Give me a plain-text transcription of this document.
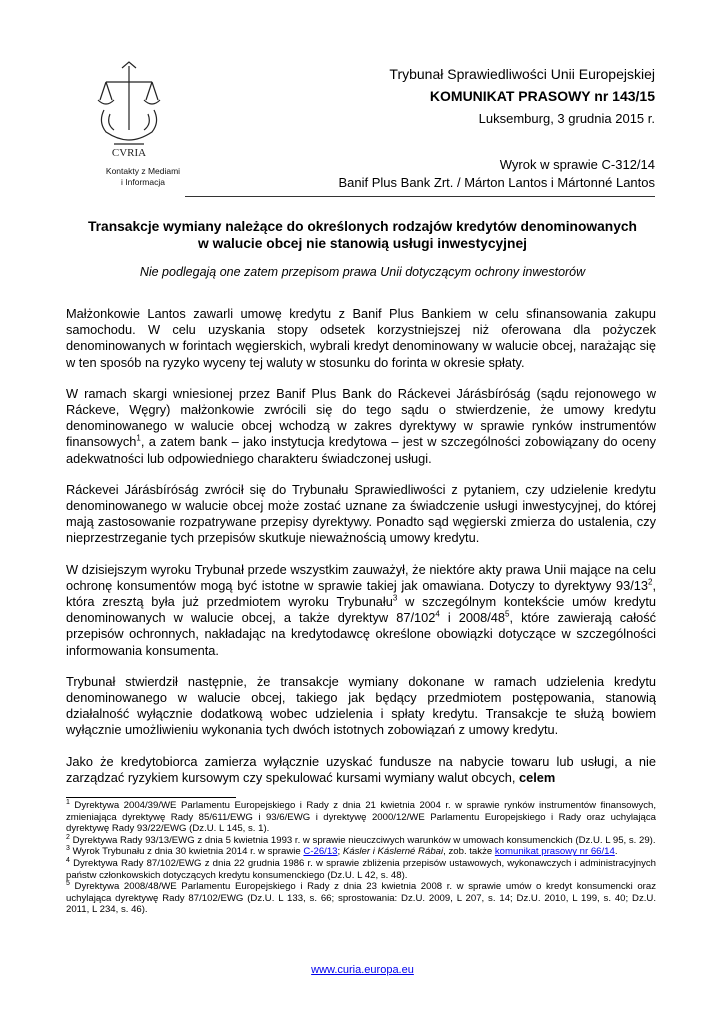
CVRIA
Kontakty z Mediami
i Informacja
Trybunał Sprawiedliwości Unii Europejskiej
KOMUNIKAT PRASOWY nr 143/15
Luksemburg, 3 grudnia 2015 r.
Wyrok w sprawie C-312/14
Banif Plus Bank Zrt. / Márton Lantos i Mártonné Lantos
Transakcje wymiany należące do określonych rodzajów kredytów denominowanych
w walucie obcej nie stanowią usługi inwestycyjnej
Nie podlegają one zatem przepisom prawa Unii dotyczącym ochrony inwestorów

Małżonkowie Lantos zawarli umowę kredytu z Banif Plus Bankiem w celu sfinansowania zakupu samochodu. W celu uzyskania stopy odsetek korzystniejszej niż oferowana dla pożyczek denominowanych w forintach węgierskich, wybrali kredyt denominowany w walucie obcej, narażając się w ten sposób na ryzyko wyceny tej waluty w stosunku do forinta w okresie spłaty.

W ramach skargi wniesionej przez Banif Plus Bank do Ráckevei Járásbíróság (sądu rejonowego w Ráckeve, Węgry) małżonkowie zwrócili się do tego sądu o stwierdzenie, że umowy kredytu denominowanego w walucie obcej wchodzą w zakres dyrektywy w sprawie rynków instrumentów finansowych$^1$, a zatem bank – jako instytucja kredytowa – jest w szczególności zobowiązany do oceny adekwatności lub odpowiedniego charakteru świadczonej usługi.

Ráckevei Járásbíróság zwrócił się do Trybunału Sprawiedliwości z pytaniem, czy udzielenie kredytu denominowanego w walucie obcej może zostać uznane za świadczenie usługi inwestycyjnej, do której mają zastosowanie rozpatrywane przepisy dyrektywy. Ponadto sąd węgierski zmierza do ustalenia, czy nieprzestrzeganie tych przepisów skutkuje nieważnością umowy kredytu.

W dzisiejszym wyroku Trybunał przede wszystkim zauważył, że niektóre akty prawa Unii mające na celu ochronę konsumentów mogą być istotne w sprawie takiej jak omawiana. Dotyczy to dyrektywy $93/13^2$, która zresztą była już przedmiotem wyroku Trybunału$^3$ w szczególnym kontekście umów kredytu denominowanych w walucie obcej, a także dyrektyw $87/102^4$ i $2008/48^5$, które zawierają całość przepisów ochronnych, nakładając na kredytodawcę określone obowiązki dotyczące w szczególności informowania konsumenta.

Trybunał stwierdził następnie, że transakcje wymiany dokonane w ramach udzielenia kredytu denominowanego w walucie obcej, takiego jak będący przedmiotem postępowania, stanowią działalność wyłącznie dodatkową wobec udzielenia i spłaty kredytu. Transakcje te służą bowiem wyłącznie umożliwieniu wykonania tych dwóch istotnych zobowiązań z umowy kredytu.

Jako że kredytobiorca zamierza wyłącznie uzyskać fundusze na nabycie towaru lub usługi, a nie zarządzać ryzykiem kursowym czy spekulować kursami wymiany walut obcych, celem

$^1$ Dyrektywa 2004/39/WE Parlamentu Europejskiego i Rady z dnia 21 kwietnia 2004 r. w sprawie rynków instrumentów finansowych, zmieniająca dyrektywę Rady 85/611/EWG i 93/6/EWG i dyrektywę 2000/12/WE Parlamentu Europejskiego i Rady oraz uchylająca dyrektywę Rady 93/22/EWG (Dz.U. L 145, s. 1).

$^2$ Dyrektywa Rady 93/13/EWG z dnia 5 kwietnia 1993 r. w sprawie nieuczciwych warunków w umowach konsumenckich (Dz.U. L 95, s. 29).

$^3$ Wyrok Trybunału z dnia 30 kwietnia 2014 r. w sprawie C-26/13; Kásler i Káslerné Rábai, zob. także komunikat prasowy nr 66/14.

$^4$ Dyrektywa Rady 87/102/EWG z dnia 22 grudnia 1986 r. w sprawie zbliżenia przepisów ustawowych, wykonawczych i administracyjnych państw członkowskich dotyczących kredytu konsumenckiego (Dz.U. L 42, s. 48).

$^5$ Dyrektywa 2008/48/WE Parlamentu Europejskiego i Rady z dnia 23 kwietnia 2008 r. w sprawie umów o kredyt konsumencki oraz uchylająca dyrektywę Rady 87/102/EWG (Dz.U. L 133, s. 66; sprostowania: Dz.U. 2009, L 207, s. 14; Dz.U. 2010, L 199, s. 40; Dz.U. 2011, L 234, s. 46).

www.curia.europa.eu
